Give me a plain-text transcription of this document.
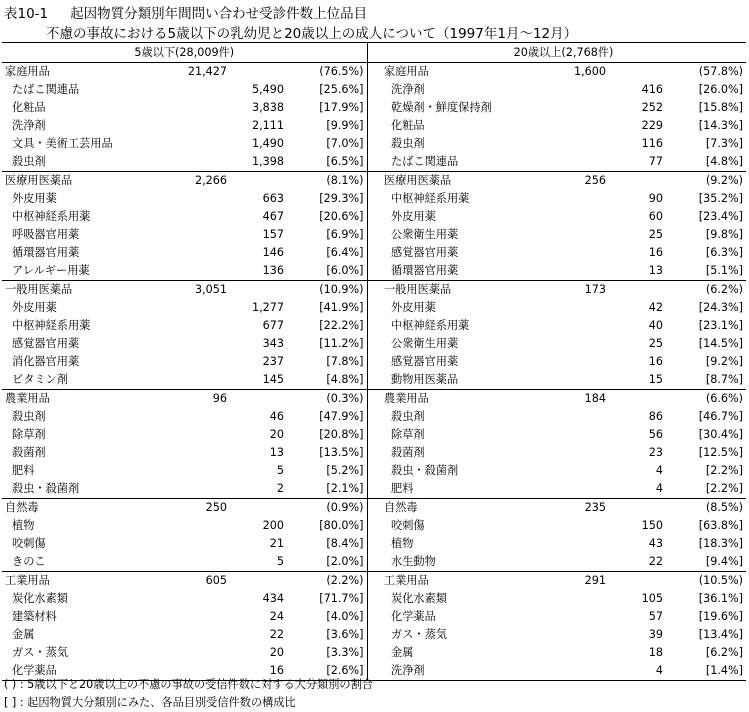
表10-1 起因物質分類別年間問い合わせ受診件数上位品目
不慮の事故における5歳以下の乳幼児と20歳以上の成人について（1997年1月〜12月）
5歳以下(28,009件)					20歳以上(2,768件)			
家庭用品	21,427		(76.5%)		家庭用品	1,600		(57.8%)
たばこ関連品		5,490	[25.6%]		洗浄剤		416	[26.0%]
化粧品		3,838	[17.9%]		乾燥剤・鮮度保持剤		252	[15.8%]
洗浄剤		2,111	[9.9%]		化粧品		229	[14.3%]
文具・美術工芸用品		1,490	[7.0%]		殺虫剤		116	[7.3%]
殺虫剤		1,398	[6.5%]		たばこ関連品		77	[4.8%]
医療用医薬品	2,266		(8.1%)		医療用医薬品	256		(9.2%)
外皮用薬		663	[29.3%]		中枢神経系用薬		90	[35.2%]
中枢神経系用薬		467	[20.6%]		外皮用薬		60	[23.4%]
呼吸器官用薬		157	[6.9%]		公衆衛生用薬		25	[9.8%]
循環器官用薬		146	[6.4%]		感覚器官用薬		16	[6.3%]
アレルギー用薬		136	[6.0%]		循環器官用薬		13	[5.1%]
一般用医薬品	3,051		(10.9%)		一般用医薬品	173		(6.2%)
外皮用薬		1,277	[41.9%]		外皮用薬		42	[24.3%]
中枢神経系用薬		677	[22.2%]		中枢神経系用薬		40	[23.1%]
感覚器官用薬		343	[11.2%]		公衆衛生用薬		25	[14.5%]
消化器官用薬		237	[7.8%]		感覚器官用薬		16	[9.2%]
ビタミン剤		145	[4.8%]		動物用医薬品		15	[8.7%]
農業用品	96		(0.3%)		農業用品	184		(6.6%)
殺虫剤		46	[47.9%]		殺虫剤		86	[46.7%]
除草剤		20	[20.8%]		除草剤		56	[30.4%]
殺菌剤		13	[13.5%]		殺菌剤		23	[12.5%]
肥料		5	[5.2%]		殺虫・殺菌剤		4	[2.2%]
殺虫・殺菌剤		2	[2.1%]		肥料		4	[2.2%]
自然毒	250		(0.9%)		自然毒	235		(8.5%)
植物		200	[80.0%]		咬刺傷		150	[63.8%]
咬刺傷		21	[8.4%]		植物		43	[18.3%]
きのこ		5	[2.0%]		水生動物		22	[9.4%]
工業用品	605		(2.2%)		工業用品	291		(10.5%)
炭化水素類		434	[71.7%]		炭化水素類		105	[36.1%]
建築材料		24	[4.0%]		化学薬品		57	[19.6%]
金属		22	[3.6%]		ガス・蒸気		39	[13.4%]
ガス・蒸気		20	[3.3%]		金属		18	[6.2%]
化学薬品		16	[2.6%]		洗浄剤		4	[1.4%]
( ) : 5歳以下と20歳以上の不慮の事故の受信件数に対する大分類別の割合
[ ] : 起因物質大分類別にみた、各品目別受信件数の構成比
